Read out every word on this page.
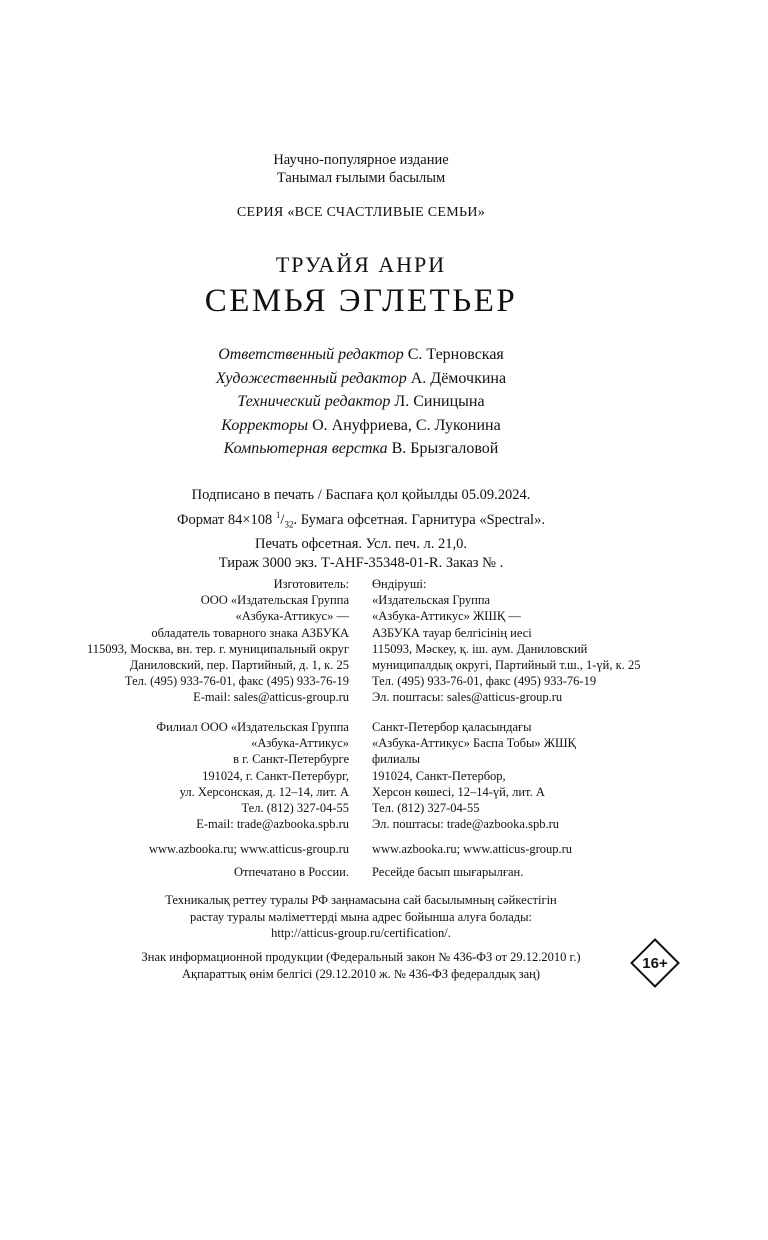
Научно-популярное издание
Танымал ғылыми басылым
СЕРИЯ «ВСЕ СЧАСТЛИВЫЕ СЕМЬИ»
ТРУАЙЯ АНРИ
СЕМЬЯ ЭГЛЕТЬЕР
Ответственный редактор С. Терновская
Художественный редактор А. Дёмочкина
Технический редактор Л. Синицына
Корректоры О. Ануфриева, С. Луконина
Компьютерная верстка В. Брызгаловой
Подписано в печать / Баспаға қол қойылды 05.09.2024.
Формат 84×108 $^1/_{32}$. Бумага офсетная. Гарнитура «Spectral».
Печать офсетная. Усл. печ. л. 21,0.
Тираж 3000 экз. Т-АНF-35348-01-R. Заказ № .
Изготовитель:
ООО «Издательская Группа
«Азбука-Аттикус» —
обладатель товарного знака АЗБУКА
115093, Москва, вн. тер. г. муниципальный округ
Даниловский, пер. Партийный, д. 1, к. 25
Тел. (495) 933-76-01, факс (495) 933-76-19
E-mail: sales@atticus-group.ru
Өндіруші:
«Издательская Группа
«Азбука-Аттикус» ЖШҚ —
АЗБУКА тауар белгісінің иесі
115093, Мәскеу, қ. іш. аум. Даниловский
муниципалдық округі, Партийный т.ш., 1-үй, к. 25
Тел. (495) 933-76-01, факс (495) 933-76-19
Эл. поштасы: sales@atticus-group.ru
Филиал ООО «Издательская Группа
«Азбука-Аттикус»
в г. Санкт-Петербурге
191024, г. Санкт-Петербург,
ул. Херсонская, д. 12–14, лит. А
Тел. (812) 327-04-55
E-mail: trade@azbooka.spb.ru
Санкт-Петербор қаласындағы
«Азбука-Аттикус» Баспа Тобы» ЖШҚ
филиалы
191024, Санкт-Петербор,
Херсон көшесі, 12–14-үй, лит. А
Тел. (812) 327-04-55
Эл. поштасы: trade@azbooka.spb.ru
www.azbooka.ru; www.atticus-group.ru www.azbooka.ru; www.atticus-group.ru
Отпечатано в России. Ресейде басып шығарылған.
Техникалық реттеу туралы РФ заңнамасына сай басылымның сәйкестігін
растау туралы мәліметтерді мына адрес бойынша алуға болады:
http://atticus-group.ru/certification/.
Знак информационной продукции (Федеральный закон № 436-ФЗ от 29.12.2010 г.)
Ақпараттық өнім белгісі (29.12.2010 ж. № 436-ФЗ федералдық заң)
16+
